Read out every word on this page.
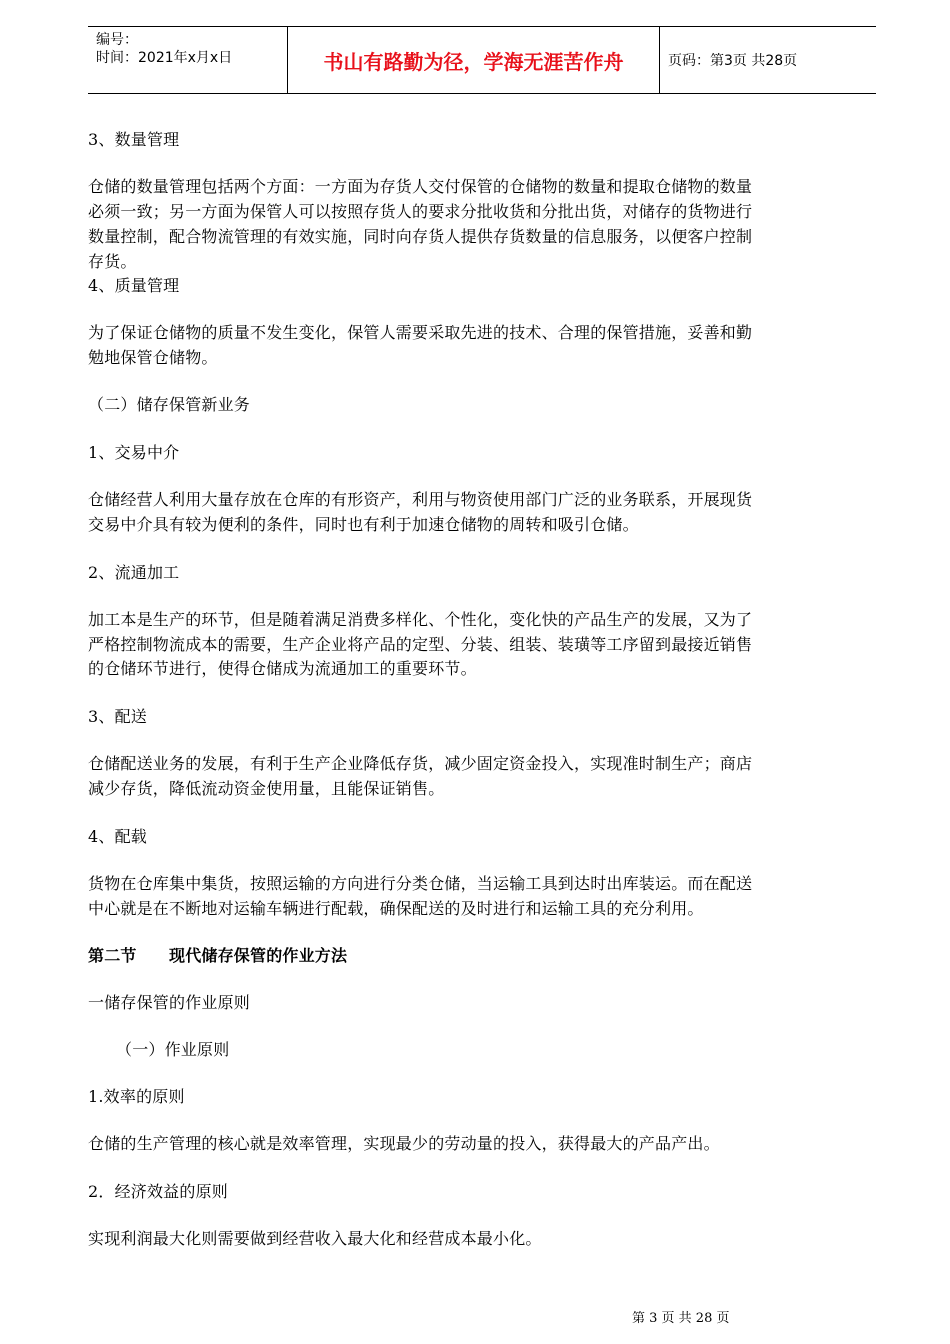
编号：
时间：2021年x月x日	书山有路勤为径，学海无涯苦作舟	页码：第3页 共28页
3、数量管理
仓储的数量管理包括两个方面：一方面为存货人交付保管的仓储物的数量和提取仓储物的数量
必须一致；另一方面为保管人可以按照存货人的要求分批收货和分批出货，对储存的货物进行
数量控制，配合物流管理的有效实施，同时向存货人提供存货数量的信息服务，以便客户控制
存货。
4、质量管理
为了保证仓储物的质量不发生变化，保管人需要采取先进的技术、合理的保管措施，妥善和勤
勉地保管仓储物。
（二）储存保管新业务
1、交易中介
仓储经营人利用大量存放在仓库的有形资产，利用与物资使用部门广泛的业务联系，开展现货
交易中介具有较为便利的条件，同时也有利于加速仓储物的周转和吸引仓储。
2、流通加工
加工本是生产的环节，但是随着满足消费多样化、个性化，变化快的产品生产的发展，又为了
严格控制物流成本的需要，生产企业将产品的定型、分装、组装、装璜等工序留到最接近销售
的仓储环节进行，使得仓储成为流通加工的重要环节。
3、配送
仓储配送业务的发展，有利于生产企业降低存货，减少固定资金投入，实现准时制生产；商店
减少存货，降低流动资金使用量，且能保证销售。
4、配载
货物在仓库集中集货，按照运输的方向进行分类仓储，当运输工具到达时出库装运。而在配送
中心就是在不断地对运输车辆进行配载，确保配送的及时进行和运输工具的充分利用。
第二节　　现代储存保管的作业方法
一储存保管的作业原则
（一）作业原则
1.效率的原则
仓储的生产管理的核心就是效率管理，实现最少的劳动量的投入，获得最大的产品产出。
2．经济效益的原则
实现利润最大化则需要做到经营收入最大化和经营成本最小化。
第 3 页 共 28 页
